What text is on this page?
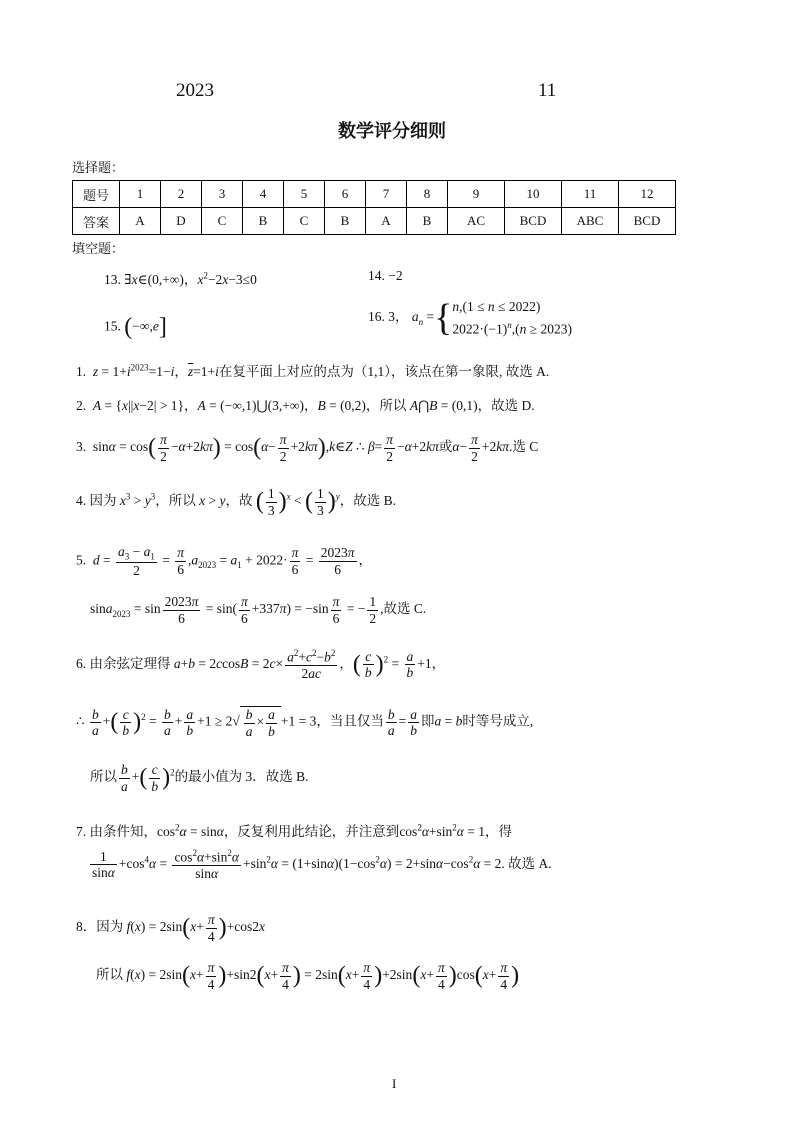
2023	11
数学评分细则
选择题：
题号	1	2	3	4	5	6	7	8	9	10	11	12
答案	A	D	C	B	C	B	A	B	AC	BCD	ABC	BCD
填空题：
13. ∃x∈(0,+∞)，$x^2-2x-3\le 0$	14. −2
15. (−∞,e]	16. 3， $a_n =\{n,(1 \le n \le 2022)$
$2022\cdot(-1)^n,(n \ge 2023)$
1.  $z = 1+i^{2023}=1-i$，$\overline{z}=1+i$在复平面上对应的点为（1,1），该点在第一象限, 故选 A.
2.  A = {x||x−2| > 1}，A = (−∞,1)⋃(3,+∞)，B = (0,2)，所以 A⋂B = (0,1)，故选 D.
3.  $\sin\alpha = \cos( \frac{\pi}{2} -\alpha+2k\pi) = \cos(\alpha- \frac{\pi}{2}$ +2kπ),k∈Z ∴ $\beta= \frac{\pi}{2} -\alpha+2k\pi$或$\alpha- \frac{\pi}{2} +2k\pi$.选 C
4. 因为 $x^3 > y^3$，所以 x > y，故 ( $\frac{1}{3} )^x$ < ( $\frac{1}{3} )^y$，故选 B.
5.  $d = \frac{a_3 - a_1}{2} = \frac{\pi}{6} ,a_{2023} = a_1 + 2022\cdot \frac{\pi}{6} = \frac{2023\pi}{6}$ ，
$\sin a_{2023} = \sin \frac{2023\pi}{6} = \sin( \frac{\pi}{6} +337\pi) = -\sin \frac{\pi}{6}$ = − $\frac{1}{2}$ ,故选 C.
6. 由余弦定理得 $a+b = 2ccosB = 2c\times \frac{a^2+c^2-b^2}{2ac}$ ，( $\frac{c}{b} )^2 = \frac{a}{b} +1$，
∴ $\frac{b}{a}$ +( $\frac{c}{b} )^2 = \frac{b}{a} + \frac{a}{b} +1 \ge 2√ \frac{b}{a} \times \frac{a}{b} +1 = 3$，当且仅当 $\frac{b}{a} = \frac{a}{b}$ 即a = b时等号成立,
所以 $\frac{b}{a}$ +( $\frac{c}{b} )^2$的最小值为 3．故选 B.
7. 由条件知，$\cos^2\alpha = \sin\alpha$，反复利用此结论，并注意到$\cos^2\alpha+\sin^2\alpha = 1$，得
$\frac{1}{\sin\alpha} +\cos^4\alpha = \frac{\cos^2\alpha+\sin^2\alpha}{\sin\alpha} +\sin^2\alpha = (1+\sin\alpha)(1-\cos^2\alpha) = 2+\sin\alpha-\cos^2\alpha = 2$. 故选 A.
8．因为 $f(x) = 2\sin(x+ \frac{\pi}{4} )+\cos 2x$
所以 $f(x) = 2\sin(x+ \frac{\pi}{4} )+\sin 2(x+ \frac{\pi}{4}$ ) = $2\sin(x+ \frac{\pi}{4} )+2\sin(x+ \frac{\pi}{4} )\cos(x+ \frac{\pi}{4}$ )
I
